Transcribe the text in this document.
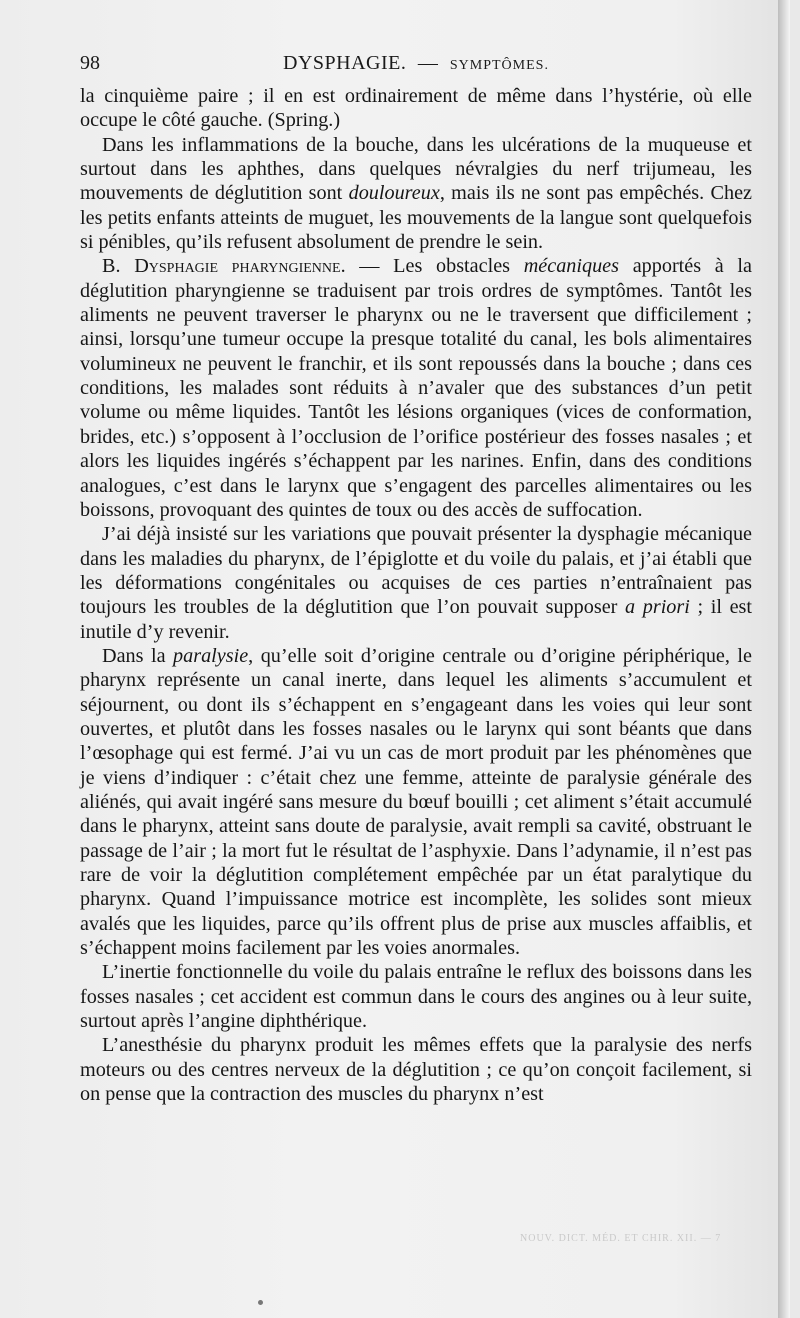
98	DYSPHAGIE. — SYMPTÔMES.

la cinquième paire ; il en est ordinairement de même dans l’hystérie, où elle occupe le côté gauche. (Spring.)

Dans les inflammations de la bouche, dans les ulcérations de la muqueuse et surtout dans les aphthes, dans quelques névralgies du nerf trijumeau, les mouvements de déglutition sont douloureux, mais ils ne sont pas empêchés. Chez les petits enfants atteints de muguet, les mouvements de la langue sont quelquefois si pénibles, qu’ils refusent absolument de prendre le sein.

B. Dysphagie pharyngienne. — Les obstacles mécaniques apportés à la déglutition pharyngienne se traduisent par trois ordres de symptômes. Tantôt les aliments ne peuvent traverser le pharynx ou ne le traversent que difficilement ; ainsi, lorsqu’une tumeur occupe la presque totalité du canal, les bols alimentaires volumineux ne peuvent le franchir, et ils sont repoussés dans la bouche ; dans ces conditions, les malades sont réduits à n’avaler que des substances d’un petit volume ou même liquides. Tantôt les lésions organiques (vices de conformation, brides, etc.) s’opposent à l’occlusion de l’orifice postérieur des fosses nasales ; et alors les liquides ingérés s’échappent par les narines. Enfin, dans des conditions analogues, c’est dans le larynx que s’engagent des parcelles alimentaires ou les boissons, provoquant des quintes de toux ou des accès de suffocation.

J’ai déjà insisté sur les variations que pouvait présenter la dysphagie mécanique dans les maladies du pharynx, de l’épiglotte et du voile du palais, et j’ai établi que les déformations congénitales ou acquises de ces parties n’entraînaient pas toujours les troubles de la déglutition que l’on pouvait supposer a priori ; il est inutile d’y revenir.

Dans la paralysie, qu’elle soit d’origine centrale ou d’origine périphérique, le pharynx représente un canal inerte, dans lequel les aliments s’accumulent et séjournent, ou dont ils s’échappent en s’engageant dans les voies qui leur sont ouvertes, et plutôt dans les fosses nasales ou le larynx qui sont béants que dans l’œsophage qui est fermé. J’ai vu un cas de mort produit par les phénomènes que je viens d’indiquer : c’était chez une femme, atteinte de paralysie générale des aliénés, qui avait ingéré sans mesure du bœuf bouilli ; cet aliment s’était accumulé dans le pharynx, atteint sans doute de paralysie, avait rempli sa cavité, obstruant le passage de l’air ; la mort fut le résultat de l’asphyxie. Dans l’adynamie, il n’est pas rare de voir la déglutition complétement empêchée par un état paralytique du pharynx. Quand l’impuissance motrice est incomplète, les solides sont mieux avalés que les liquides, parce qu’ils offrent plus de prise aux muscles affaiblis, et s’échappent moins facilement par les voies anormales.

L’inertie fonctionnelle du voile du palais entraîne le reflux des boissons dans les fosses nasales ; cet accident est commun dans le cours des angines ou à leur suite, surtout après l’angine diphthérique.

L’anesthésie du pharynx produit les mêmes effets que la paralysie des nerfs moteurs ou des centres nerveux de la déglutition ; ce qu’on conçoit facilement, si on pense que la contraction des muscles du pharynx n’est

NOUV. DICT. MÉD. ET CHIR. XII. — 7
